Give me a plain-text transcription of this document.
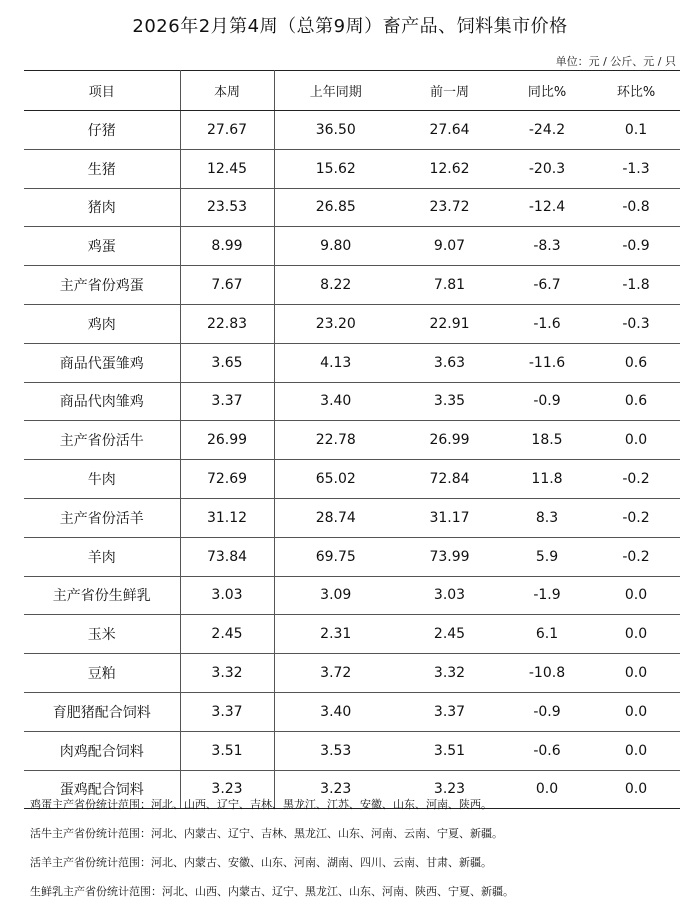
2026年2月第4周（总第9周）畜产品、饲料集市价格
单位：元 / 公斤、元 / 只
项目	本周	上年同期	前一周	同比%	环比%
仔猪	27.67	36.50	27.64	-24.2	0.1
生猪	12.45	15.62	12.62	-20.3	-1.3
猪肉	23.53	26.85	23.72	-12.4	-0.8
鸡蛋	8.99	9.80	9.07	-8.3	-0.9
主产省份鸡蛋	7.67	8.22	7.81	-6.7	-1.8
鸡肉	22.83	23.20	22.91	-1.6	-0.3
商品代蛋雏鸡	3.65	4.13	3.63	-11.6	0.6
商品代肉雏鸡	3.37	3.40	3.35	-0.9	0.6
主产省份活牛	26.99	22.78	26.99	18.5	0.0
牛肉	72.69	65.02	72.84	11.8	-0.2
主产省份活羊	31.12	28.74	31.17	8.3	-0.2
羊肉	73.84	69.75	73.99	5.9	-0.2
主产省份生鲜乳	3.03	3.09	3.03	-1.9	0.0
玉米	2.45	2.31	2.45	6.1	0.0
豆粕	3.32	3.72	3.32	-10.8	0.0
育肥猪配合饲料	3.37	3.40	3.37	-0.9	0.0
肉鸡配合饲料	3.51	3.53	3.51	-0.6	0.0
蛋鸡配合饲料	3.23	3.23	3.23	0.0	0.0
鸡蛋主产省份统计范围：河北、山西、辽宁、吉林、黑龙江、江苏、安徽、山东、河南、陕西。
活牛主产省份统计范围：河北、内蒙古、辽宁、吉林、黑龙江、山东、河南、云南、宁夏、新疆。
活羊主产省份统计范围：河北、内蒙古、安徽、山东、河南、湖南、四川、云南、甘肃、新疆。
生鲜乳主产省份统计范围：河北、山西、内蒙古、辽宁、黑龙江、山东、河南、陕西、宁夏、新疆。
